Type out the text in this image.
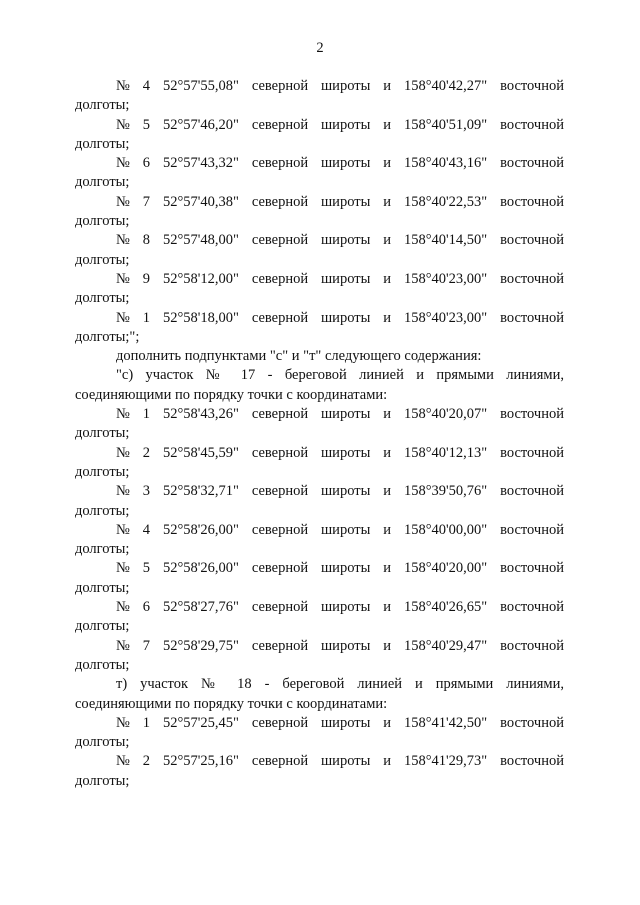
2
№ 4 52°57'55,08" северной широты и 158°40'42,27" восточной
долготы;
№ 5 52°57'46,20" северной широты и 158°40'51,09" восточной
долготы;
№ 6 52°57'43,32" северной широты и 158°40'43,16" восточной
долготы;
№ 7 52°57'40,38" северной широты и 158°40'22,53" восточной
долготы;
№ 8 52°57'48,00" северной широты и 158°40'14,50" восточной
долготы;
№ 9 52°58'12,00" северной широты и 158°40'23,00" восточной
долготы;
№ 1 52°58'18,00" северной широты и 158°40'23,00" восточной
долготы;";
дополнить подпунктами "с" и "т" следующего содержания:
"с) участок № 17 - береговой линией и прямыми линиями,
соединяющими по порядку точки с координатами:
№ 1 52°58'43,26" северной широты и 158°40'20,07" восточной
долготы;
№ 2 52°58'45,59" северной широты и 158°40'12,13" восточной
долготы;
№ 3 52°58'32,71" северной широты и 158°39'50,76" восточной
долготы;
№ 4 52°58'26,00" северной широты и 158°40'00,00" восточной
долготы;
№ 5 52°58'26,00" северной широты и 158°40'20,00" восточной
долготы;
№ 6 52°58'27,76" северной широты и 158°40'26,65" восточной
долготы;
№ 7 52°58'29,75" северной широты и 158°40'29,47" восточной
долготы;
т) участок № 18 - береговой линией и прямыми линиями,
соединяющими по порядку точки с координатами:
№ 1 52°57'25,45" северной широты и 158°41'42,50" восточной
долготы;
№ 2 52°57'25,16" северной широты и 158°41'29,73" восточной
долготы;
